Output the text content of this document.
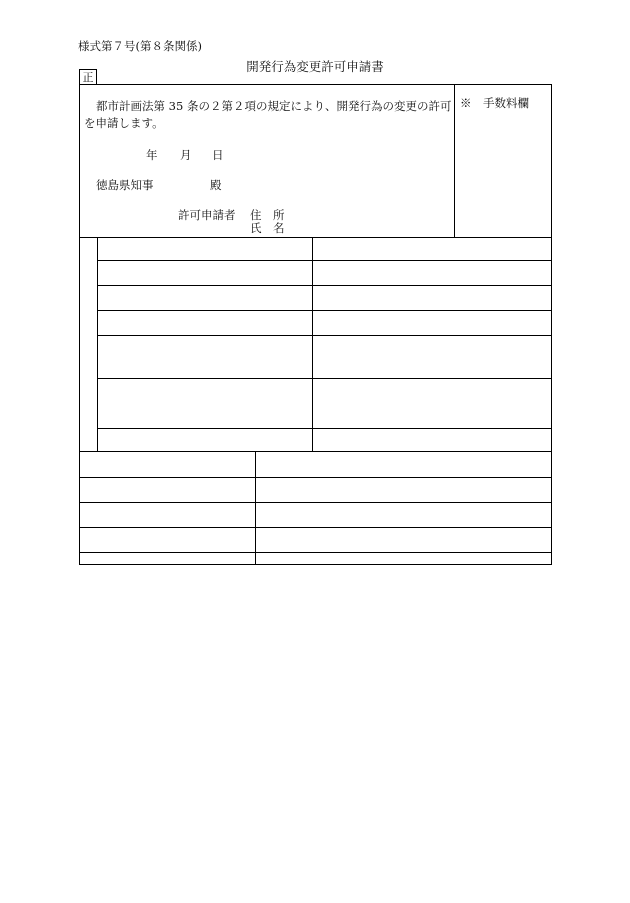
様式第７号(第８条関係)
開発行為変更許可申請書
正
都市計画法第 35 条の２第２項の規定により、開発行為の変更の許可
を申請します。
年 月 日
徳島県知事	殿
許可申請者 住　所
氏　名
※　手数料欄
